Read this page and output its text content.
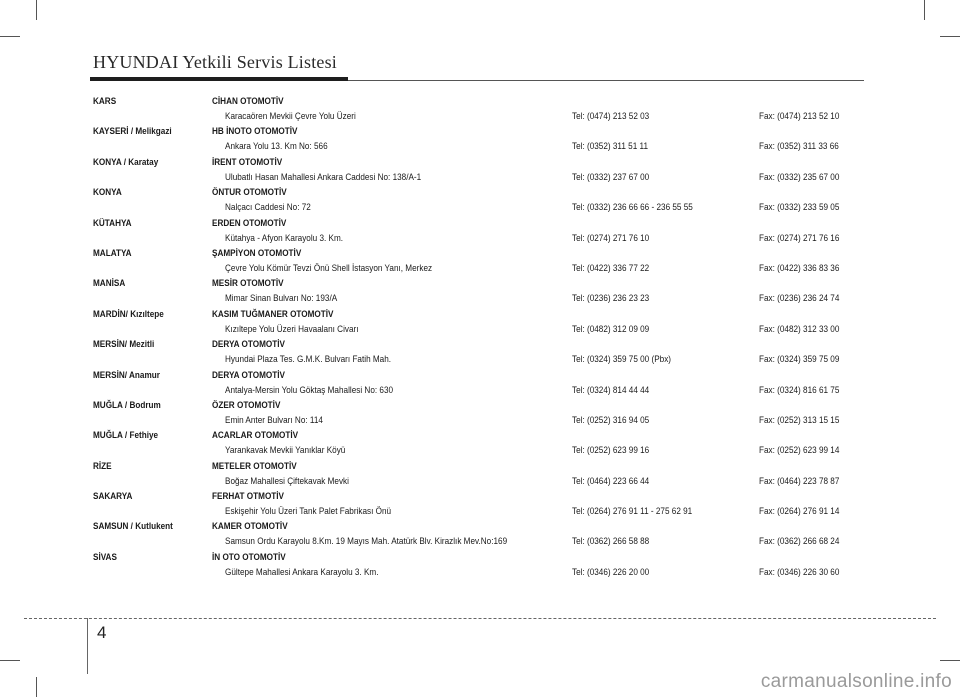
HYUNDAI Yetkili Servis Listesi
KARS	CİHAN OTOMOTİV
Karacaören Mevkii Çevre Yolu Üzeri	Tel: (0474) 213 52 03	Fax: (0474) 213 52 10
KAYSERİ / Melikgazi	HB İNOTO OTOMOTİV
Ankara Yolu 13. Km No: 566	Tel: (0352) 311 51 11	Fax: (0352) 311 33 66
KONYA / Karatay	İRENT OTOMOTİV
Ulubatlı Hasan Mahallesi Ankara Caddesi No: 138/A-1	Tel: (0332) 237 67 00	Fax: (0332) 235 67 00
KONYA	ÖNTUR OTOMOTİV
Nalçacı Caddesi No: 72	Tel: (0332) 236 66 66 - 236 55 55	Fax: (0332) 233 59 05
KÜTAHYA	ERDEN OTOMOTİV
Kütahya - Afyon Karayolu 3. Km.	Tel: (0274) 271 76 10	Fax: (0274) 271 76 16
MALATYA	ŞAMPİYON OTOMOTİV
Çevre Yolu Kömür Tevzi Önü Shell İstasyon Yanı, Merkez	Tel: (0422) 336 77 22	Fax: (0422) 336 83 36
MANİSA	MESİR OTOMOTİV
Mimar Sinan Bulvarı No: 193/A	Tel: (0236) 236 23 23	Fax: (0236) 236 24 74
MARDİN/ Kızıltepe	KASIM TUĞMANER OTOMOTİV
Kızıltepe Yolu Üzeri Havaalanı Civarı	Tel: (0482) 312 09 09	Fax: (0482) 312 33 00
MERSİN/ Mezitli	DERYA OTOMOTİV
Hyundai Plaza Tes. G.M.K. Bulvarı Fatih Mah.	Tel: (0324) 359 75 00 (Pbx)	Fax: (0324) 359 75 09
MERSİN/ Anamur	DERYA OTOMOTİV
Antalya-Mersin Yolu Göktaş Mahallesi No: 630	Tel: (0324) 814 44 44	Fax: (0324) 816 61 75
MUĞLA / Bodrum	ÖZER OTOMOTİV
Emin Anter Bulvarı No: 114	Tel: (0252) 316 94 05	Fax: (0252) 313 15 15
MUĞLA / Fethiye	ACARLAR OTOMOTİV
Yarankavak Mevkii Yanıklar Köyü	Tel: (0252) 623 99 16	Fax: (0252) 623 99 14
RİZE	METELER OTOMOTİV
Boğaz Mahallesi Çiftekavak Mevki	Tel: (0464) 223 66 44	Fax: (0464) 223 78 87
SAKARYA	FERHAT OTMOTİV
Eskişehir Yolu Üzeri Tank Palet Fabrikası Önü	Tel: (0264) 276 91 11 - 275 62 91	Fax: (0264) 276 91 14
SAMSUN / Kutlukent	KAMER OTOMOTİV
Samsun Ordu Karayolu 8.Km. 19 Mayıs Mah. Atatürk Blv. Kirazlık Mev.No:169	Tel: (0362) 266 58 88	Fax: (0362) 266 68 24
SİVAS	İN OTO OTOMOTİV
Gültepe Mahallesi Ankara Karayolu 3. Km.	Tel: (0346) 226 20 00	Fax: (0346) 226 30 60
4
carmanualsonline.info
